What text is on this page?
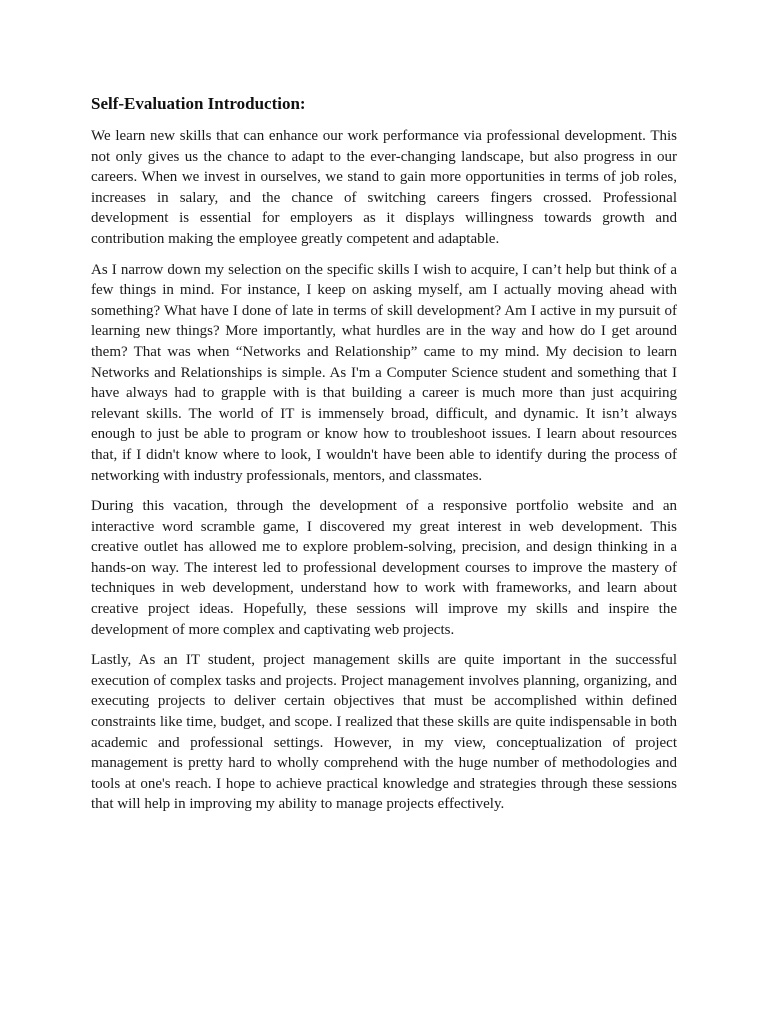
Self-Evaluation Introduction:

We learn new skills that can enhance our work performance via professional development. This not only gives us the chance to adapt to the ever-changing landscape, but also progress in our careers. When we invest in ourselves, we stand to gain more opportunities in terms of job roles, increases in salary, and the chance of switching careers fingers crossed. Professional development is essential for employers as it displays willingness towards growth and contribution making the employee greatly competent and adaptable.

As I narrow down my selection on the specific skills I wish to acquire, I can’t help but think of a few things in mind. For instance, I keep on asking myself, am I actually moving ahead with something? What have I done of late in terms of skill development? Am I active in my pursuit of learning new things? More importantly, what hurdles are in the way and how do I get around them? That was when “Networks and Relationship” came to my mind. My decision to learn Networks and Relationships is simple. As I'm a Computer Science student and something that I have always had to grapple with is that building a career is much more than just acquiring relevant skills. The world of IT is immensely broad, difficult, and dynamic. It isn’t always enough to just be able to program or know how to troubleshoot issues. I learn about resources that, if I didn't know where to look, I wouldn't have been able to identify during the process of networking with industry professionals, mentors, and classmates.

During this vacation, through the development of a responsive portfolio website and an interactive word scramble game, I discovered my great interest in web development. This creative outlet has allowed me to explore problem-solving, precision, and design thinking in a hands-on way. The interest led to professional development courses to improve the mastery of techniques in web development, understand how to work with frameworks, and learn about creative project ideas. Hopefully, these sessions will improve my skills and inspire the development of more complex and captivating web projects.

Lastly, As an IT student, project management skills are quite important in the successful execution of complex tasks and projects. Project management involves planning, organizing, and executing projects to deliver certain objectives that must be accomplished within defined constraints like time, budget, and scope. I realized that these skills are quite indispensable in both academic and professional settings. However, in my view, conceptualization of project management is pretty hard to wholly comprehend with the huge number of methodologies and tools at one's reach. I hope to achieve practical knowledge and strategies through these sessions that will help in improving my ability to manage projects effectively.
